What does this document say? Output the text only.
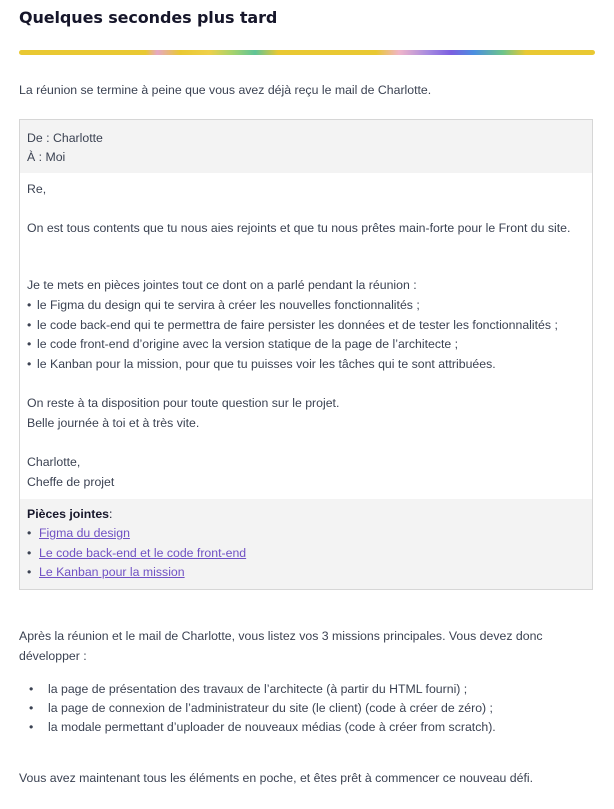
Quelques secondes plus tard

La réunion se termine à peine que vous avez déjà reçu le mail de Charlotte.

De : Charlotte
À : Moi
Re,
On est tous contents que tu nous aies rejoints et que tu nous prêtes main-forte pour le Front du site.
Je te mets en pièces jointes tout ce dont on a parlé pendant la réunion :
• le Figma du design qui te servira à créer les nouvelles fonctionnalités ;
• le code back-end qui te permettra de faire persister les données et de tester les fonctionnalités ;
• le code front-end d’origine avec la version statique de la page de l’architecte ;
• le Kanban pour la mission, pour que tu puisses voir les tâches qui te sont attribuées.
On reste à ta disposition pour toute question sur le projet.
Belle journée à toi et à très vite.
Charlotte,
Cheffe de projet
Pièces jointes:
• Figma du design
• Le code back-end et le code front-end
• Le Kanban pour la mission

Après la réunion et le mail de Charlotte, vous listez vos 3 missions principales. Vous devez donc développer :

• la page de présentation des travaux de l’architecte (à partir du HTML fourni) ;
• la page de connexion de l’administrateur du site (le client) (code à créer de zéro) ;
• la modale permettant d’uploader de nouveaux médias (code à créer from scratch).

Vous avez maintenant tous les éléments en poche, et êtes prêt à commencer ce nouveau défi.
